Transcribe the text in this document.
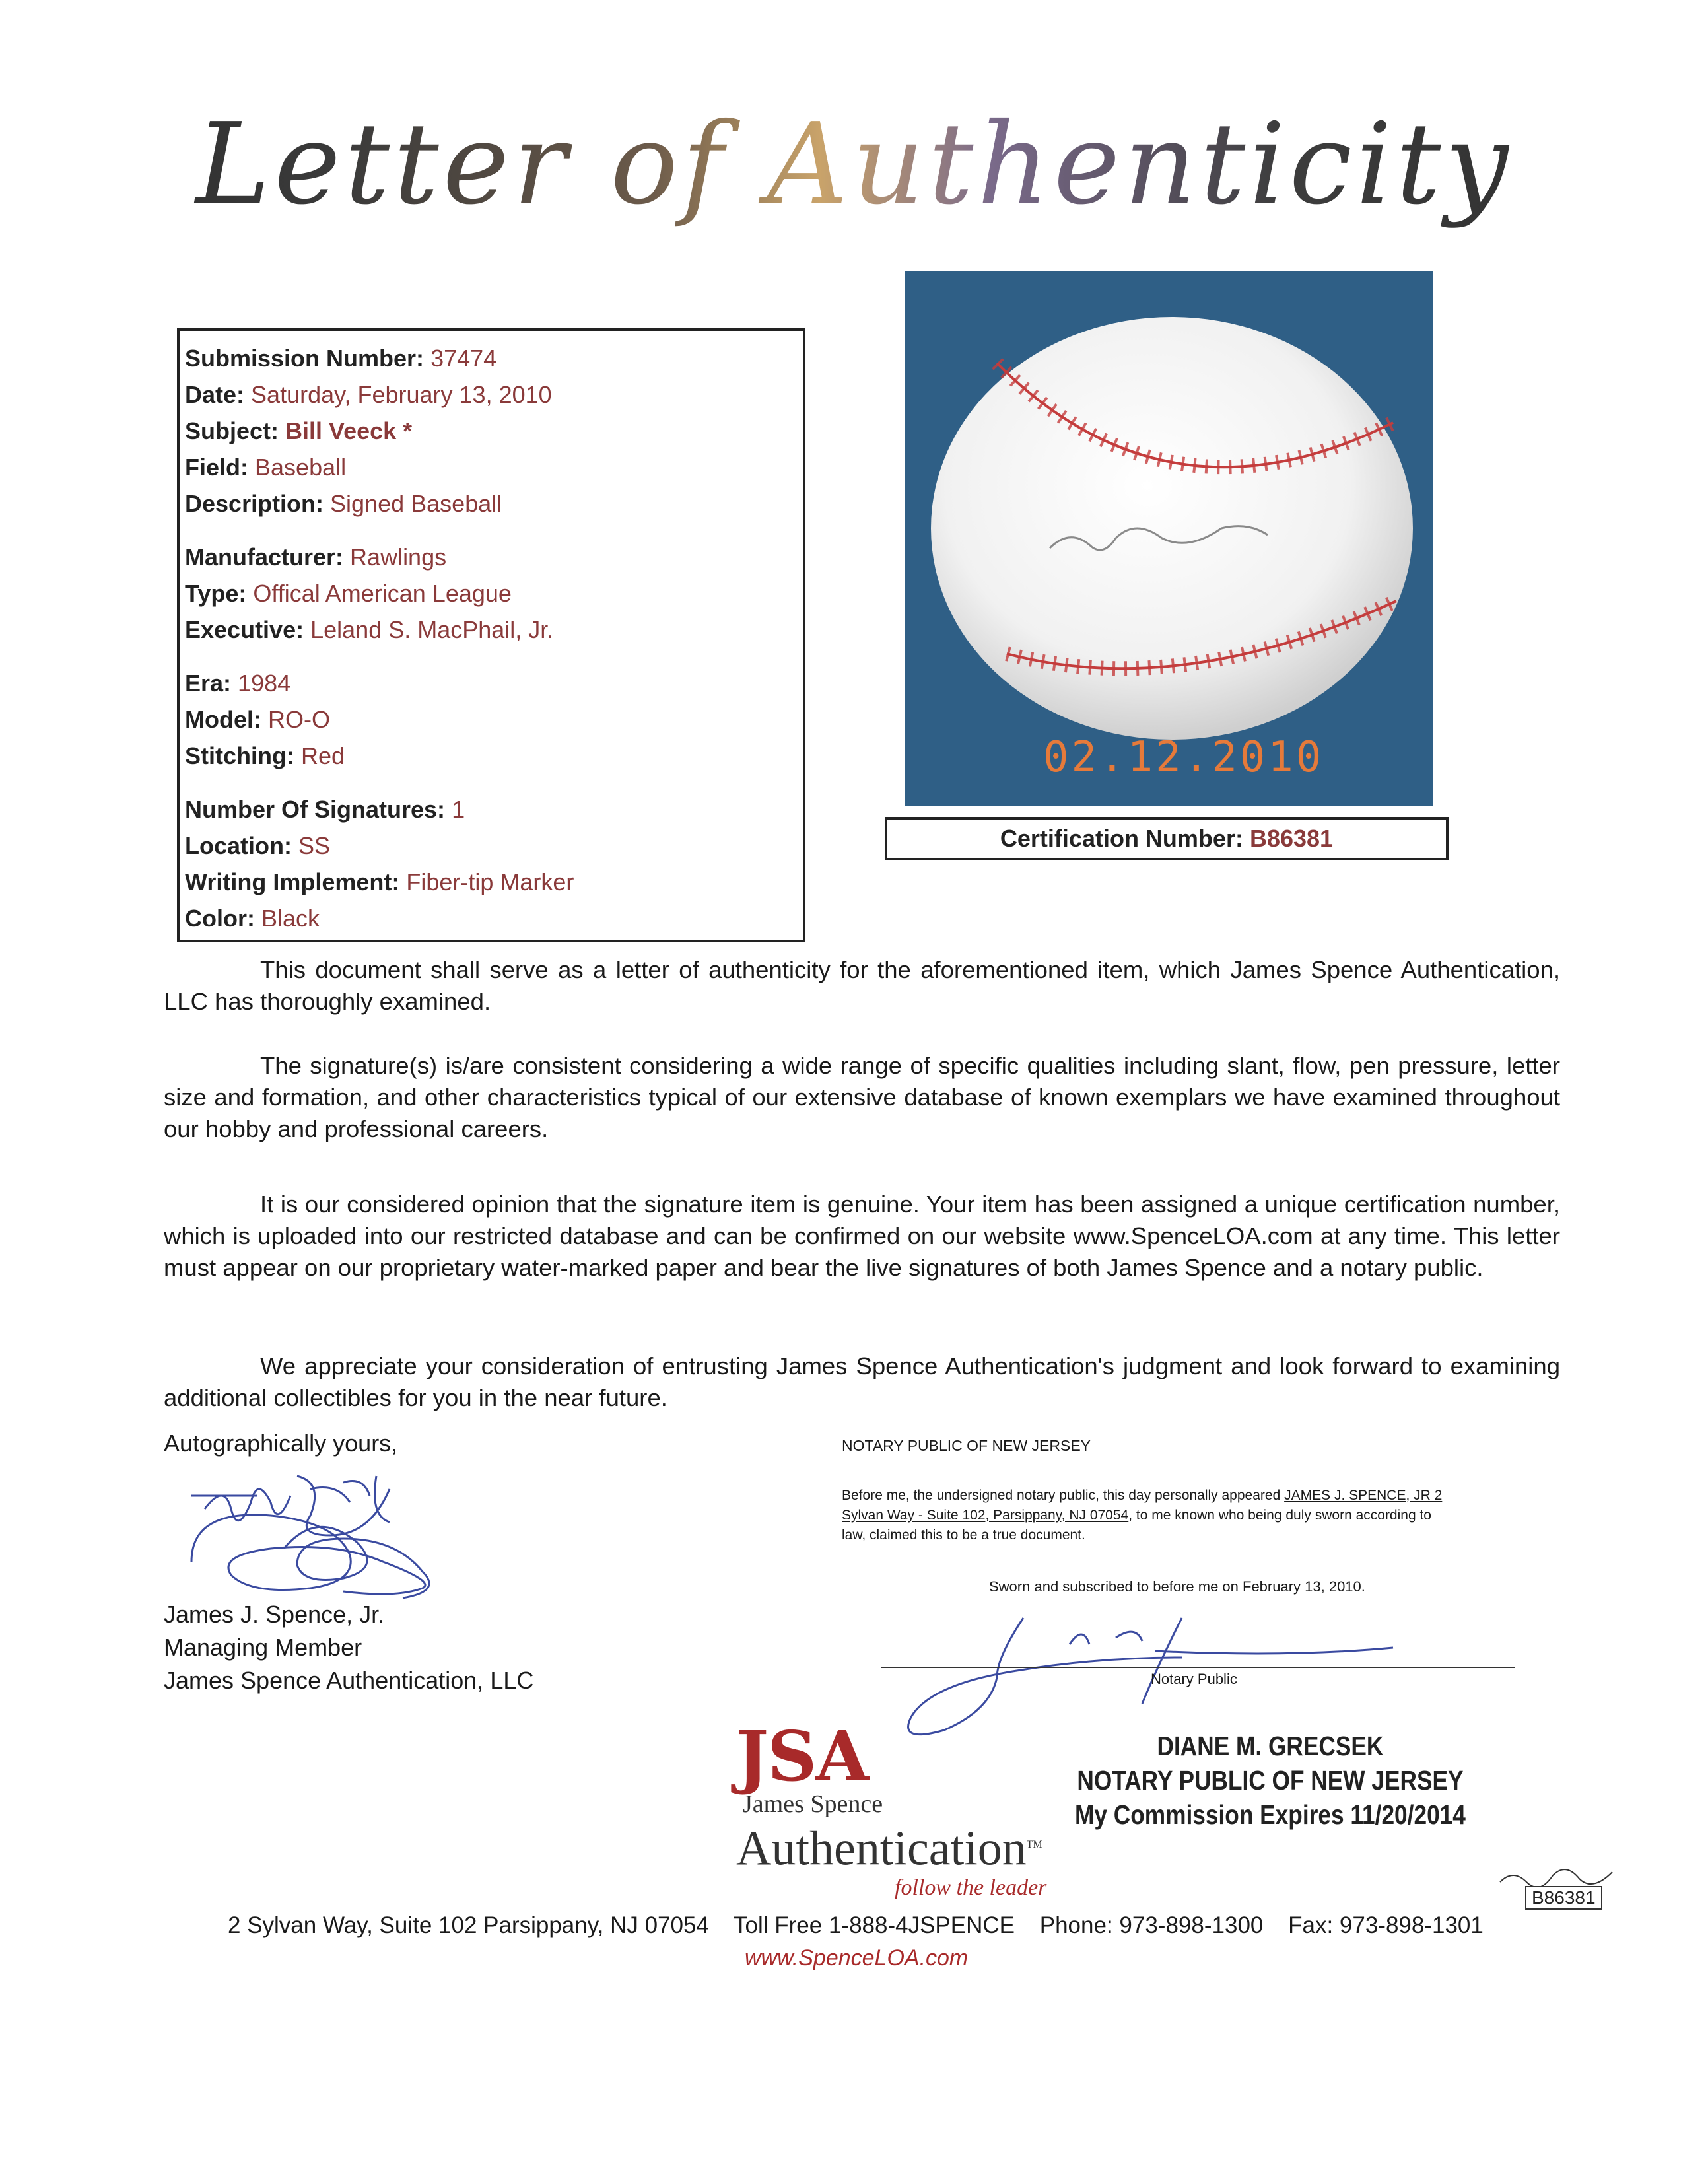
Letter of Authenticity
Submission Number: 37474
Date: Saturday, February 13, 2010
Subject: Bill Veeck *
Field: Baseball
Description: Signed Baseball
Manufacturer: Rawlings
Type: Offical American League
Executive: Leland S. MacPhail, Jr.
Era: 1984
Model: RO-O
Stitching: Red
Number Of Signatures: 1
Location: SS
Writing Implement: Fiber-tip Marker
Color: Black
02.12.2010
Certification Number: B86381
This document shall serve as a letter of authenticity for the aforementioned item, which James Spence Authentication, LLC has thoroughly examined.
The signature(s) is/are consistent considering a wide range of specific qualities including slant, flow, pen pressure, letter size and formation, and other characteristics typical of our extensive database of known exemplars we have examined throughout our hobby and professional careers.
It is our considered opinion that the signature item is genuine. Your item has been assigned a unique certification number, which is uploaded into our restricted database and can be confirmed on our website www.SpenceLOA.com at any time. This letter must appear on our proprietary water-marked paper and bear the live signatures of both James Spence and a notary public.
We appreciate your consideration of entrusting James Spence Authentication's judgment and look forward to examining additional collectibles for you in the near future.
Autographically yours,
James J. Spence, Jr.
Managing Member
James Spence Authentication, LLC
NOTARY PUBLIC OF NEW JERSEY
Before me, the undersigned notary public, this day personally appeared JAMES J. SPENCE, JR 2 Sylvan Way - Suite 102, Parsippany, NJ 07054, to me known who being duly sworn according to law, claimed this to be a true document.
Sworn and subscribed to before me on February 13, 2010.
Notary Public
DIANE M. GRECSEK
NOTARY PUBLIC OF NEW JERSEY
My Commission Expires 11/20/2014
JSA
James Spence
Authentication™
follow the leader
2 Sylvan Way, Suite 102 Parsippany, NJ 07054 Toll Free 1-888-4JSPENCE Phone: 973-898-1300 Fax: 973-898-1301
www.SpenceLOA.com
B86381
